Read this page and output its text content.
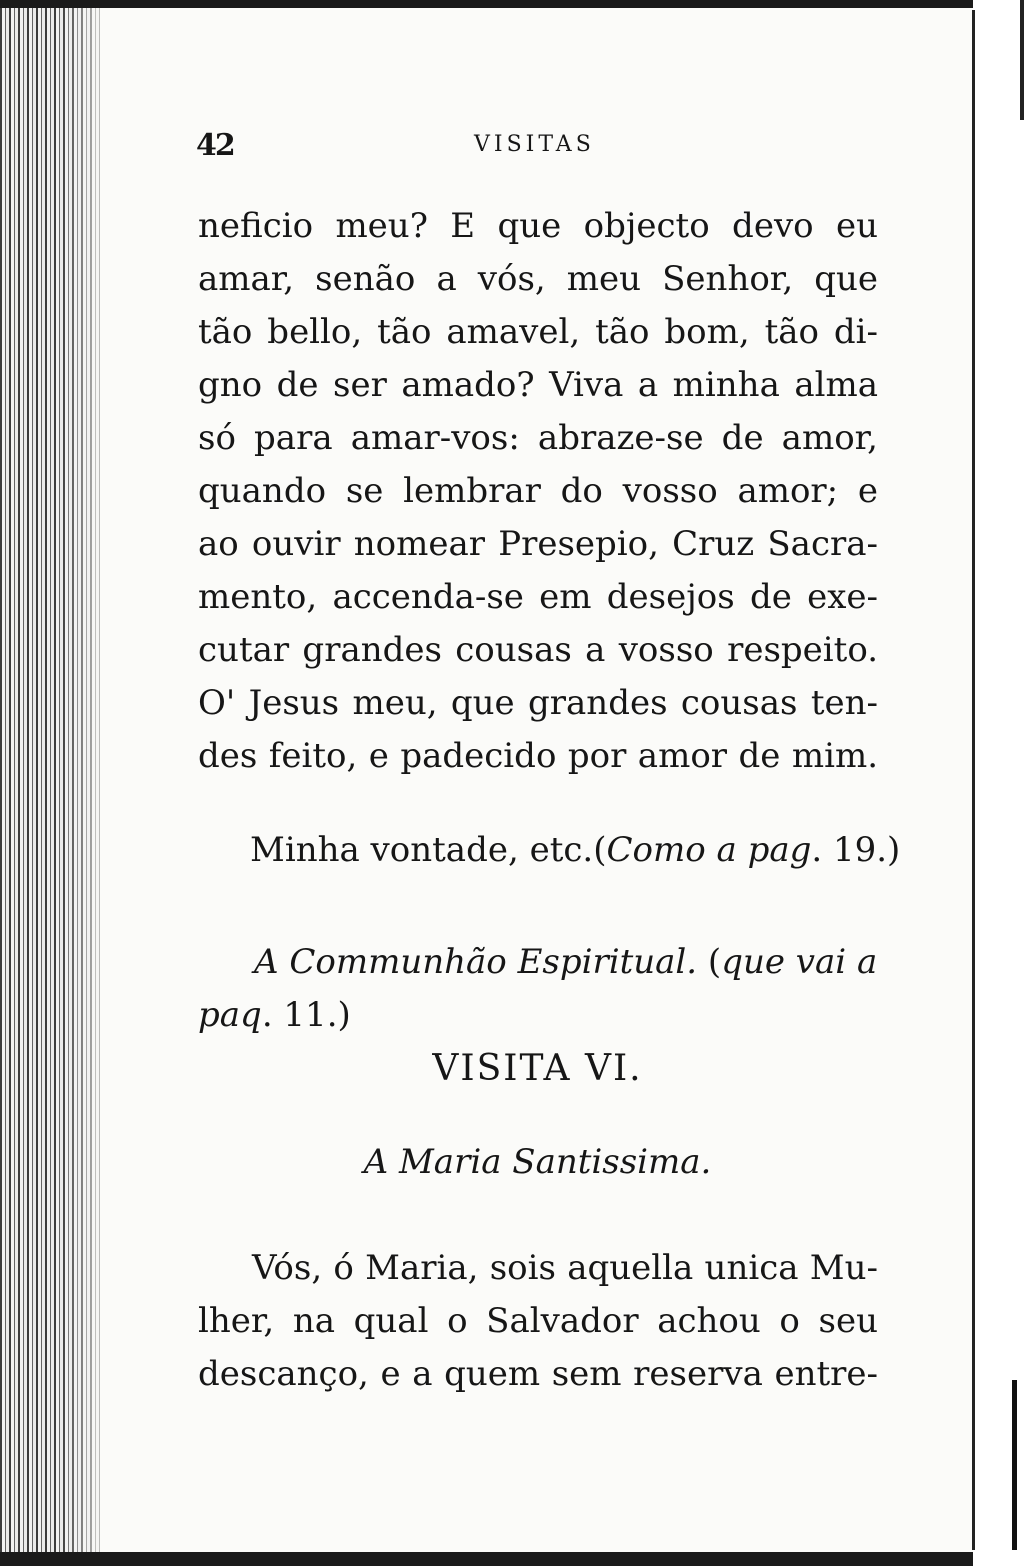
42	VISITAS
neficio meu? E que objecto devo eu
amar, senão a vós, meu Senhor, que
tão bello, tão amavel, tão bom, tão di-
gno de ser amado? Viva a minha alma
só para amar-vos: abraze-se de amor,
quando se lembrar do vosso amor; e
ao ouvir nomear Presepio, Cruz Sacra-
mento, accenda-se em desejos de exe-
cutar grandes cousas a vosso respeito.
O' Jesus meu, que grandes cousas ten-
des feito, e padecido por amor de mim.
Minha vontade, etc.(Como a pag. 19.)
A Communhão Espiritual. (que vai a
paq. 11.)
VISITA VI.
A Maria Santissima.
Vós, ó Maria, sois aquella unica Mu-
lher, na qual o Salvador achou o seu
descanço, e a quem sem reserva entre-
